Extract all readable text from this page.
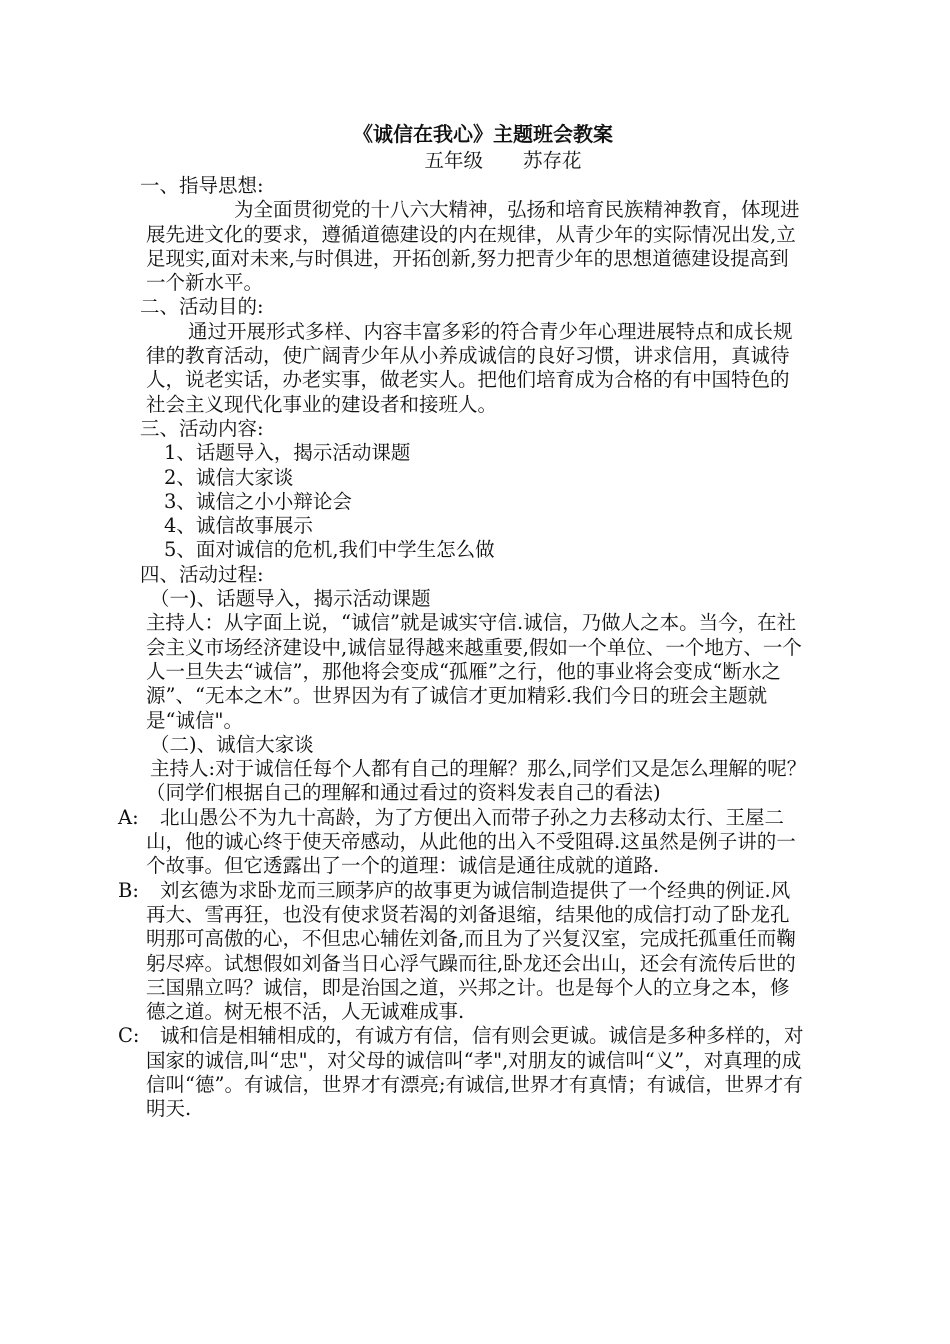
《诚信在我心》主题班会教案
五年级 苏存花
一、指导思想:
为全面贯彻党的十八六大精神，弘扬和培育民族精神教育，体现进展先进文化的要求，遵循道德建设的内在规律，从青少年的实际情况出发,立足现实,面对未来,与时俱进，开拓创新,努力把青少年的思想道德建设提高到一个新水平。
二、活动目的:
通过开展形式多样、内容丰富多彩的符合青少年心理进展特点和成长规律的教育活动，使广阔青少年从小养成诚信的良好习惯，讲求信用，真诚待人，说老实话，办老实事，做老实人。把他们培育成为合格的有中国特色的社会主义现代化事业的建设者和接班人。
三、活动内容:
1、话题导入，揭示活动课题
2、诚信大家谈
3、诚信之小小辩论会
4、诚信故事展示
5、面对诚信的危机,我们中学生怎么做
四、活动过程:
（一)、话题导入，揭示活动课题
主持人：从字面上说，“诚信”就是诚实守信.诚信，乃做人之本。当今，在社会主义市场经济建设中,诚信显得越来越重要,假如一个单位、一个地方、一个人一旦失去“诚信”，那他将会变成“孤雁”之行，他的事业将会变成“断水之源”、“无本之木”。世界因为有了诚信才更加精彩.我们今日的班会主题就是“诚信"。
（二)、诚信大家谈
主持人:对于诚信任每个人都有自己的理解？那么,同学们又是怎么理解的呢？（同学们根据自己的理解和通过看过的资料发表自己的看法)
A:	北山愚公不为九十高龄，为了方便出入而带子孙之力去移动太行、王屋二山，他的诚心终于使天帝感动，从此他的出入不受阻碍.这虽然是例子讲的一个故事。但它透露出了一个的道理：诚信是通往成就的道路.
B:	刘玄德为求卧龙而三顾茅庐的故事更为诚信制造提供了一个经典的例证.风再大、雪再狂，也没有使求贤若渴的刘备退缩，结果他的成信打动了卧龙孔明那可高傲的心，不但忠心辅佐刘备,而且为了兴复汉室，完成托孤重任而鞠躬尽瘁。试想假如刘备当日心浮气躁而往,卧龙还会出山，还会有流传后世的三国鼎立吗？诚信，即是治国之道，兴邦之计。也是每个人的立身之本，修德之道。树无根不活，人无诚难成事.
C:	诚和信是相辅相成的，有诚方有信，信有则会更诚。诚信是多种多样的，对国家的诚信,叫“忠"，对父母的诚信叫“孝",对朋友的诚信叫“义”，对真理的成信叫“德”。有诚信，世界才有漂亮;有诚信,世界才有真情；有诚信，世界才有明天.
